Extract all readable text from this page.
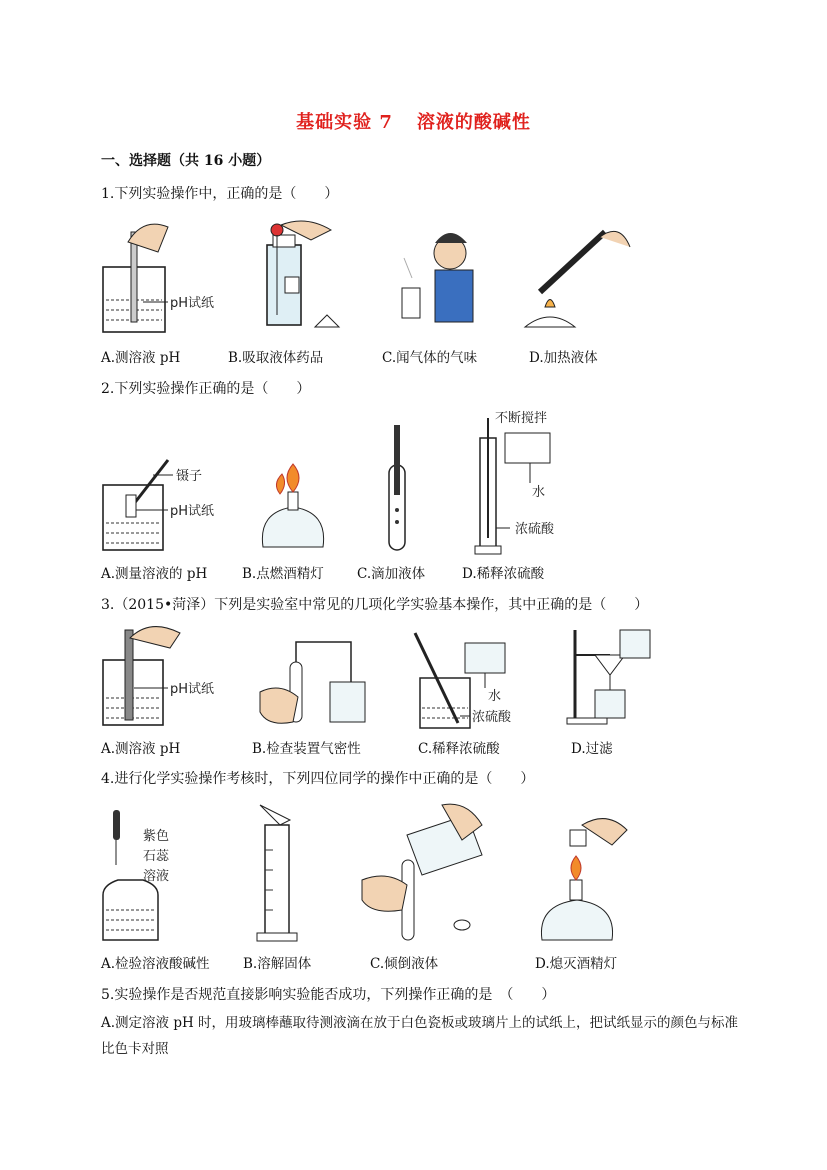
基础实验 7 溶液的酸碱性
一、选择题（共 16 小题）
1.下列实验操作中，正确的是（　　）
pH试纸
A.测溶液 pH	B.吸取液体药品	C.闻气体的气味	D.加热液体
2.下列实验操作正确的是（　　）
镊子
pH试纸
不断搅拌
水
浓硫酸
A.测量溶液的 pH	B.点燃酒精灯 C.滴加液体	D.稀释浓硫酸
3.（2015•菏泽）下列是实验室中常见的几项化学实验基本操作，其中正确的是（　　）
pH试纸	水
浓硫酸
A.测溶液 pH	B.检查装置气密性	C.稀释浓硫酸	D.过滤
4.进行化学实验操作考核时，下列四位同学的操作中正确的是（　　）
紫色
石蕊
溶液
A.检验溶液酸碱性 B.溶解固体	C.倾倒液体	D.熄灭酒精灯
5.实验操作是否规范直接影响实验能否成功，下列操作正确的是　（　　）
A.测定溶液 pH 时，用玻璃棒蘸取待测液滴在放于白色瓷板或玻璃片上的试纸上，把试纸显示的颜色与标准比色卡对照
